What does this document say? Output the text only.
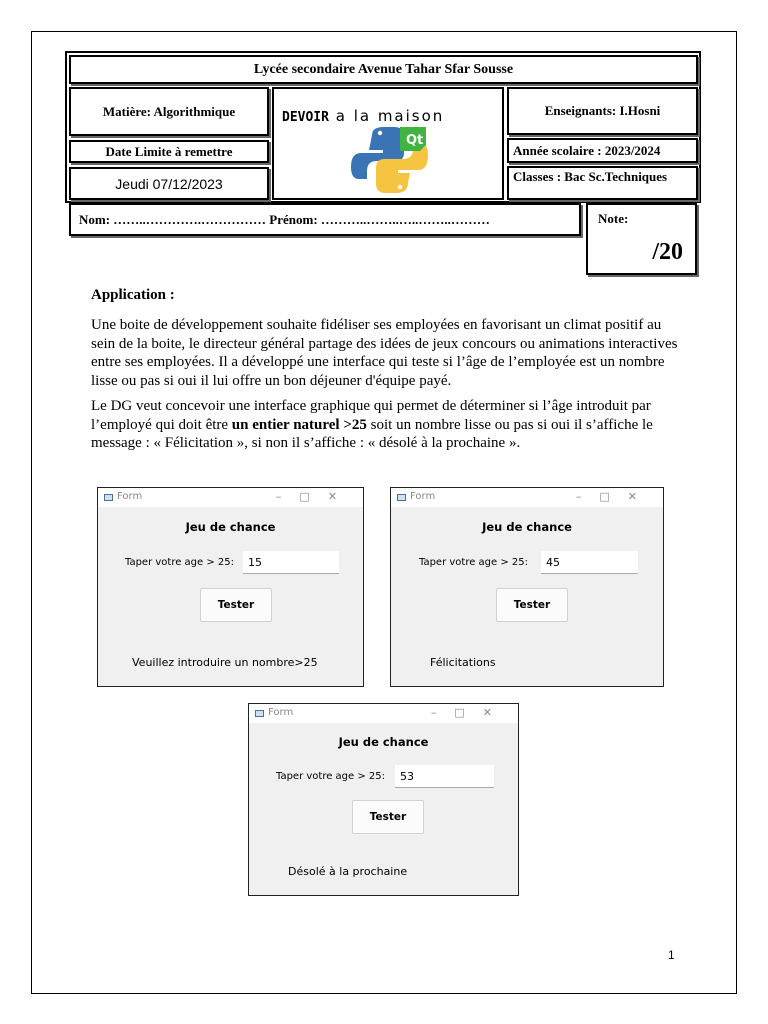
Lycée secondaire Avenue Tahar Sfar Sousse
Matière: Algorithmique
Date Limite à remettre
Jeudi 07/12/2023
DEVOIR a la maison
Qt
Enseignants: I.Hosni
Année scolaire : 2023/2024
Classes : Bac Sc.Techniques
Nom: ……..………….…………… Prénom: ………..……..…..……..………	Note:
/20
Application :
Une boite de développement souhaite fidéliser ses employées en favorisant un climat positif au sein de la boite, le directeur général partage des idées de jeux concours ou animations interactives entre ses employées. Il a développé une interface qui teste si l’âge de l’employée est un nombre lisse ou pas si oui il lui offre un bon déjeuner d'équipe payé.
Le DG veut concevoir une interface graphique qui permet de déterminer si l’âge introduit par l’employé qui doit être un entier naturel >25 soit un nombre lisse ou pas si oui il s’affiche le message : « Félicitation », si non il s’affiche : « désolé à la prochaine ».
Form	–□✕
Jeu de chance
Taper votre age > 25:	15
Tester
Veuillez introduire un nombre>25
Form	–□✕
Jeu de chance
Taper votre age > 25:	45
Tester
Félicitations
Form	–□✕
Jeu de chance
Taper votre age > 25:	53
Tester
Désolé à la prochaine
1
